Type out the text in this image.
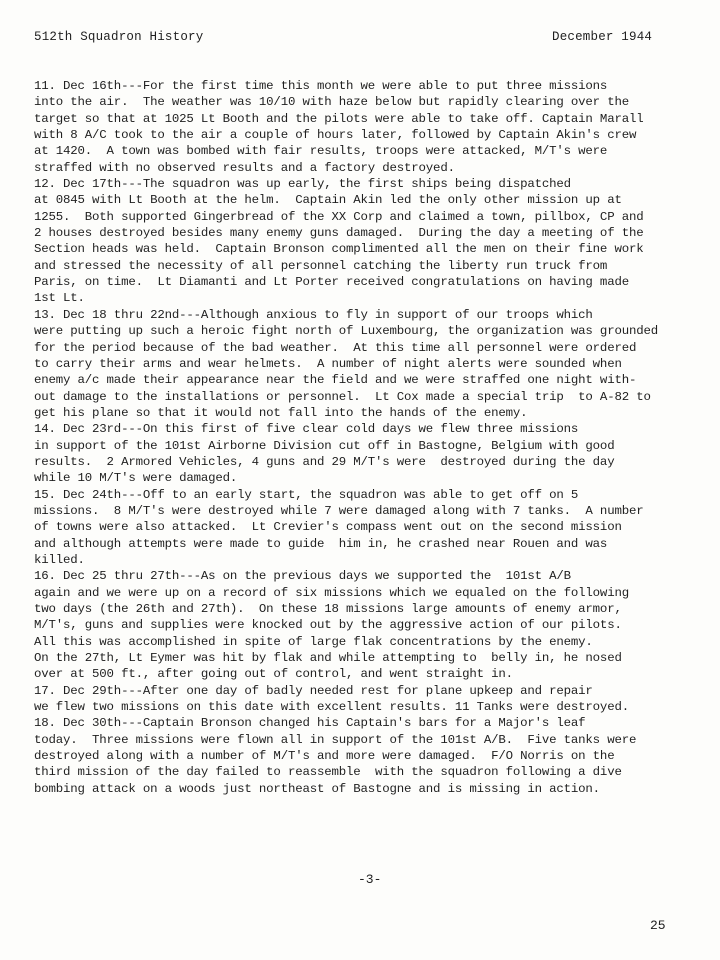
512th Squadron History	December 1944
11. Dec 16th---For the first time this month we were able to put three missions
into the air.  The weather was 10/10 with haze below but rapidly clearing over the
target so that at 1025 Lt Booth and the pilots were able to take off. Captain Marall
with 8 A/C took to the air a couple of hours later, followed by Captain Akin's crew
at 1420.  A town was bombed with fair results, troops were attacked, M/T's were
straffed with no observed results and a factory destroyed.
12. Dec 17th---The squadron was up early, the first ships being dispatched
at 0845 with Lt Booth at the helm.  Captain Akin led the only other mission up at
1255.  Both supported Gingerbread of the XX Corp and claimed a town, pillbox, CP and
2 houses destroyed besides many enemy guns damaged.  During the day a meeting of the
Section heads was held.  Captain Bronson complimented all the men on their fine work
and stressed the necessity of all personnel catching the liberty run truck from
Paris, on time.  Lt Diamanti and Lt Porter received congratulations on having made
1st Lt.
13. Dec 18 thru 22nd---Although anxious to fly in support of our troops which
were putting up such a heroic fight north of Luxembourg, the organization was grounded
for the period because of the bad weather.  At this time all personnel were ordered
to carry their arms and wear helmets.  A number of night alerts were sounded when
enemy a/c made their appearance near the field and we were straffed one night with-
out damage to the installations or personnel.  Lt Cox made a special trip  to A-82 to
get his plane so that it would not fall into the hands of the enemy.
14. Dec 23rd---On this first of five clear cold days we flew three missions
in support of the 101st Airborne Division cut off in Bastogne, Belgium with good
results.  2 Armored Vehicles, 4 guns and 29 M/T's were  destroyed during the day
while 10 M/T's were damaged.
15. Dec 24th---Off to an early start, the squadron was able to get off on 5
missions.  8 M/T's were destroyed while 7 were damaged along with 7 tanks.  A number
of towns were also attacked.  Lt Crevier's compass went out on the second mission
and although attempts were made to guide  him in, he crashed near Rouen and was
killed.
16. Dec 25 thru 27th---As on the previous days we supported the  101st A/B
again and we were up on a record of six missions which we equaled on the following
two days (the 26th and 27th).  On these 18 missions large amounts of enemy armor,
M/T's, guns and supplies were knocked out by the aggressive action of our pilots.
All this was accomplished in spite of large flak concentrations by the enemy.
On the 27th, Lt Eymer was hit by flak and while attempting to  belly in, he nosed
over at 500 ft., after going out of control, and went straight in.
17. Dec 29th---After one day of badly needed rest for plane upkeep and repair
we flew two missions on this date with excellent results. 11 Tanks were destroyed.
18. Dec 30th---Captain Bronson changed his Captain's bars for a Major's leaf
today.  Three missions were flown all in support of the 101st A/B.  Five tanks were
destroyed along with a number of M/T's and more were damaged.  F/O Norris on the
third mission of the day failed to reassemble  with the squadron following a dive
bombing attack on a woods just northeast of Bastogne and is missing in action.
-3-
25
